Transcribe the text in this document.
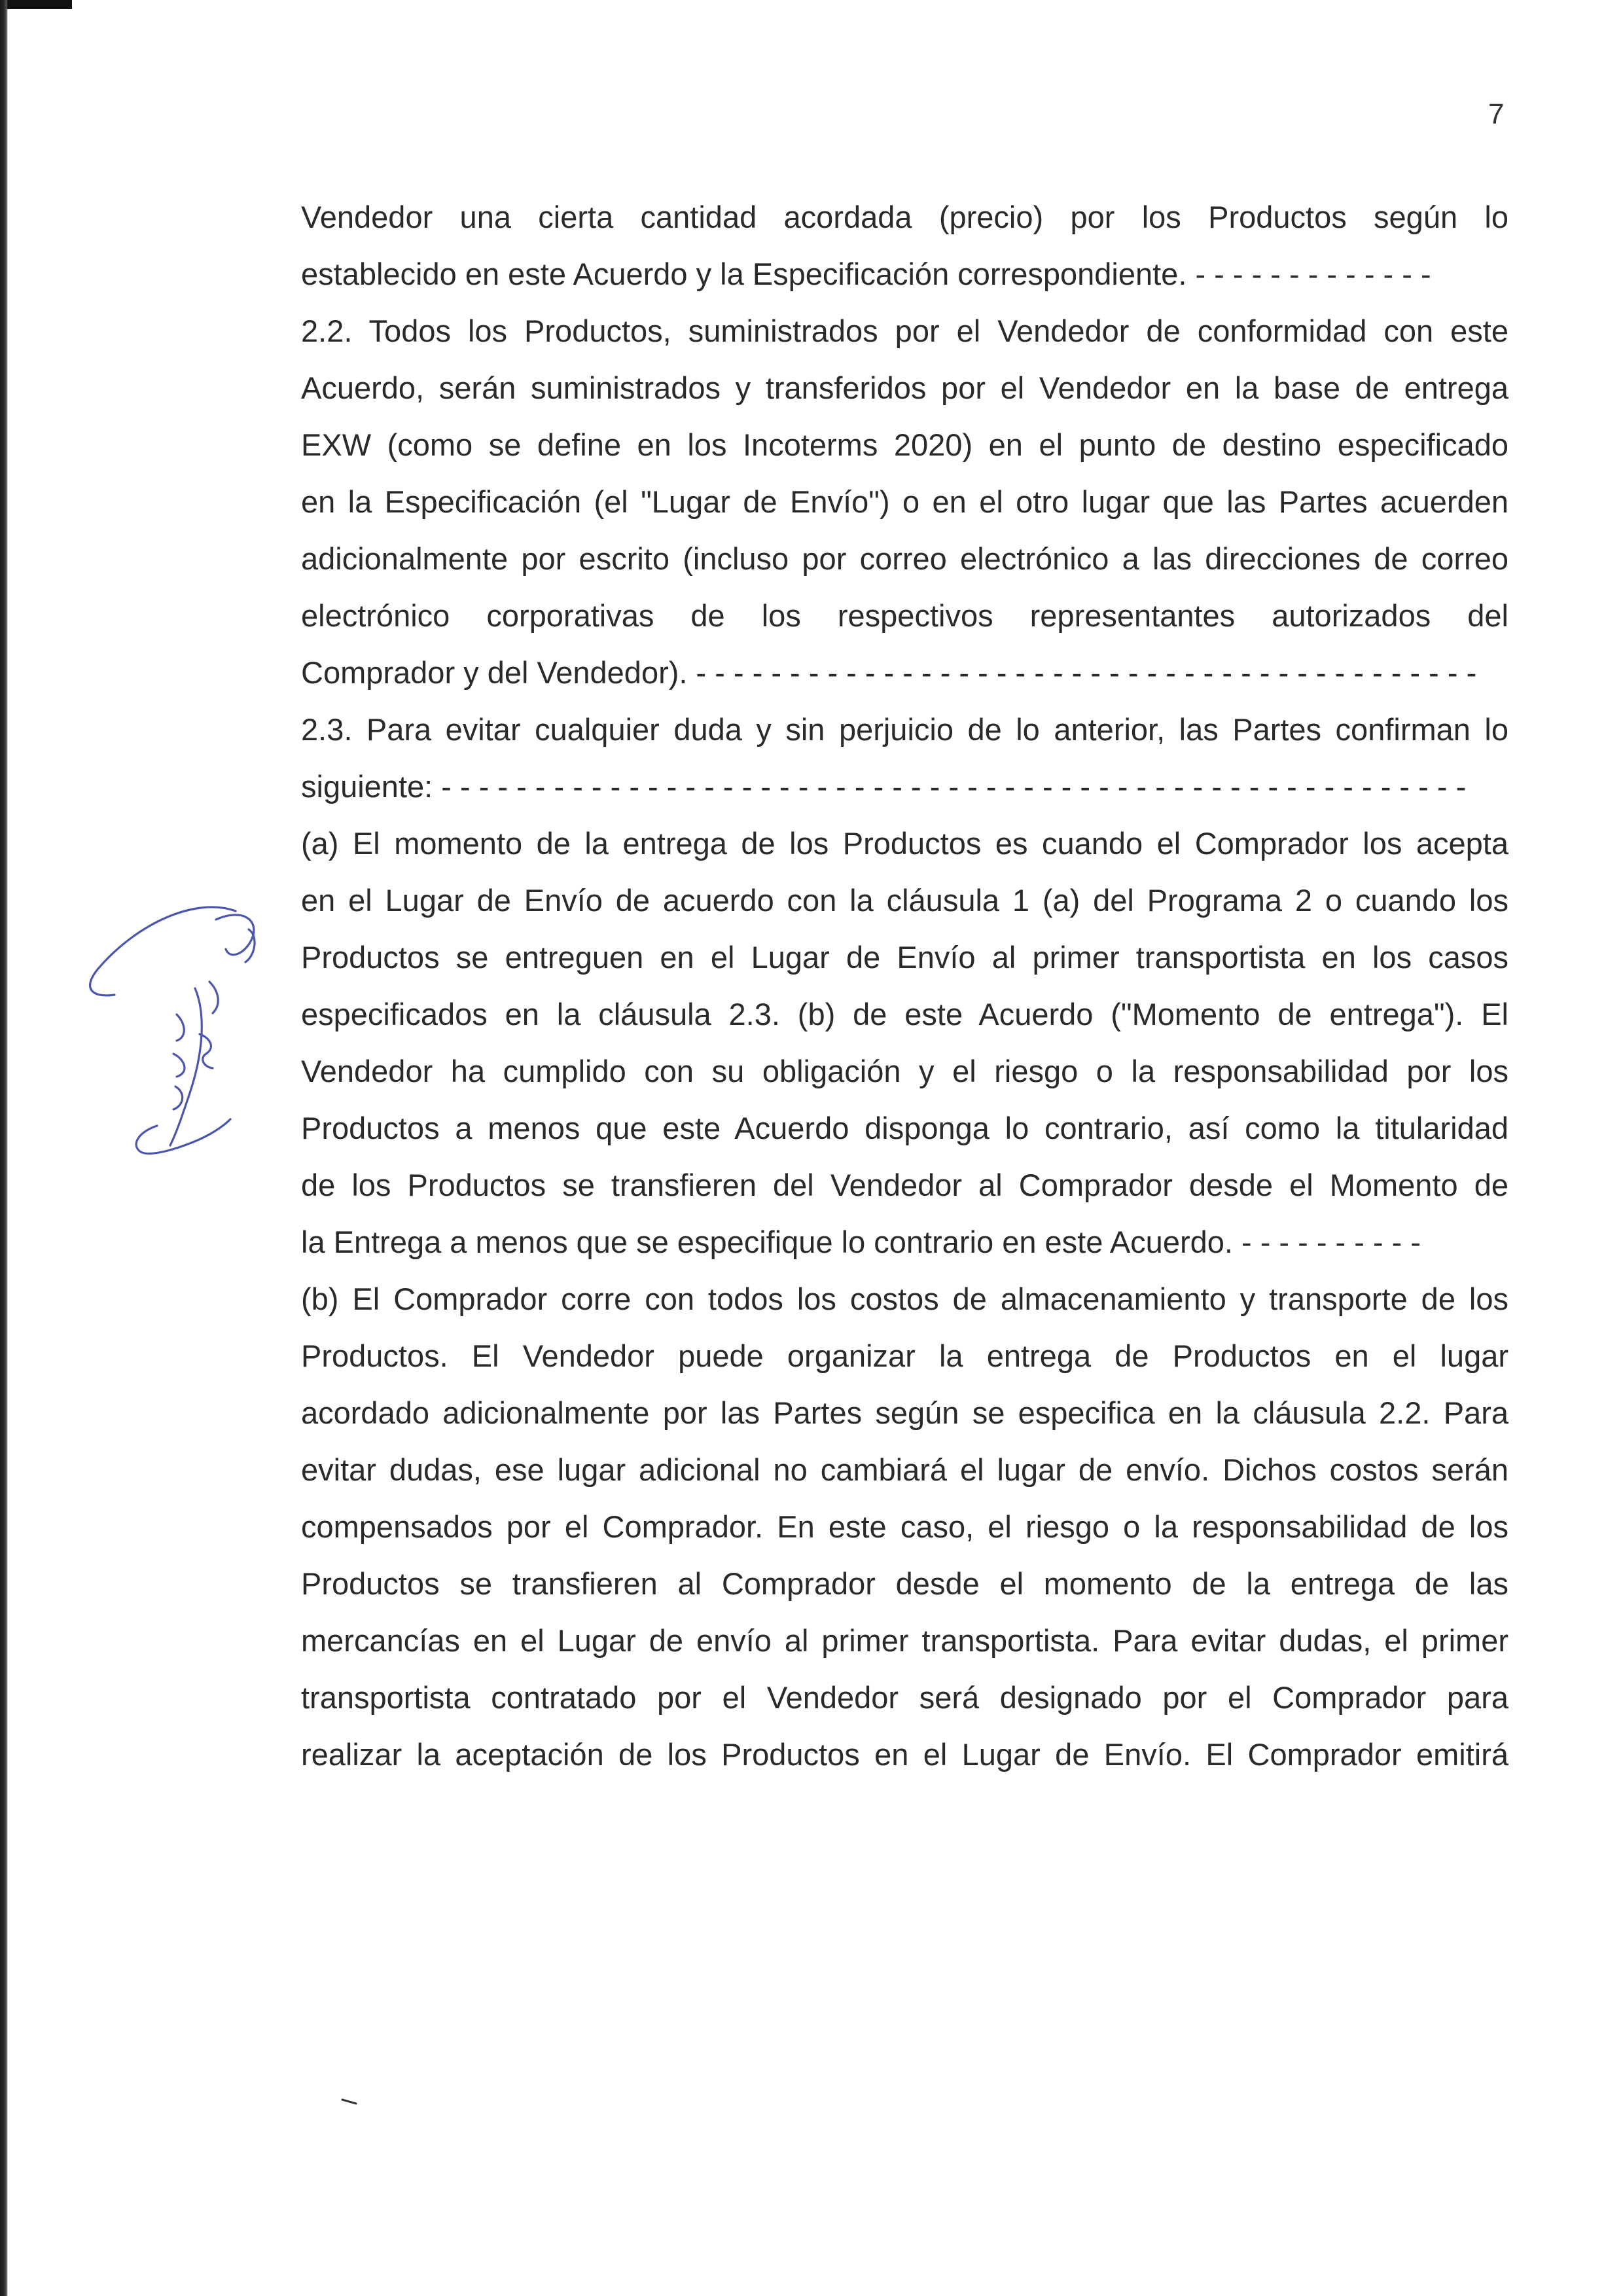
7
Vendedor una cierta cantidad acordada (precio) por los Productos según lo
establecido en este Acuerdo y la Especificación correspondiente. - - - - - - - - - - - - -
2.2. Todos los Productos, suministrados por el Vendedor de conformidad con este
Acuerdo, serán suministrados y transferidos por el Vendedor en la base de entrega
EXW (como se define en los Incoterms 2020) en el punto de destino especificado
en la Especificación (el "Lugar de Envío") o en el otro lugar que las Partes acuerden
adicionalmente por escrito (incluso por correo electrónico a las direcciones de correo
electrónico corporativas de los respectivos representantes autorizados del
Comprador y del Vendedor). - - - - - - - - - - - - - - - - - - - - - - - - - - - - - - - - - - - - - - - - - -
2.3. Para evitar cualquier duda y sin perjuicio de lo anterior, las Partes confirman lo
siguiente: - - - - - - - - - - - - - - - - - - - - - - - - - - - - - - - - - - - - - - - - - - - - - - - - - - - - - - -
(a) El momento de la entrega de los Productos es cuando el Comprador los acepta
en el Lugar de Envío de acuerdo con la cláusula 1 (a) del Programa 2 o cuando los
Productos se entreguen en el Lugar de Envío al primer transportista en los casos
especificados en la cláusula 2.3. (b) de este Acuerdo ("Momento de entrega"). El
Vendedor ha cumplido con su obligación y el riesgo o la responsabilidad por los
Productos a menos que este Acuerdo disponga lo contrario, así como la titularidad
de los Productos se transfieren del Vendedor al Comprador desde el Momento de
la Entrega a menos que se especifique lo contrario en este Acuerdo. - - - - - - - - - -
(b) El Comprador corre con todos los costos de almacenamiento y transporte de los
Productos. El Vendedor puede organizar la entrega de Productos en el lugar
acordado adicionalmente por las Partes según se especifica en la cláusula 2.2. Para
evitar dudas, ese lugar adicional no cambiará el lugar de envío. Dichos costos serán
compensados por el Comprador. En este caso, el riesgo o la responsabilidad de los
Productos se transfieren al Comprador desde el momento de la entrega de las
mercancías en el Lugar de envío al primer transportista. Para evitar dudas, el primer
transportista contratado por el Vendedor será designado por el Comprador para
realizar la aceptación de los Productos en el Lugar de Envío. El Comprador emitirá
